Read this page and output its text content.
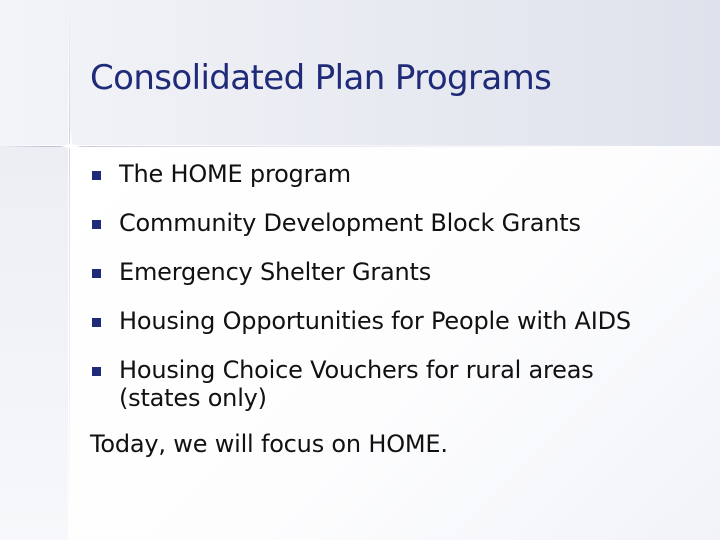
Consolidated Plan Programs
The HOME program
Community Development Block Grants
Emergency Shelter Grants
Housing Opportunities for People with AIDS
Housing Choice Vouchers for rural areas
(states only)
Today, we will focus on HOME.
